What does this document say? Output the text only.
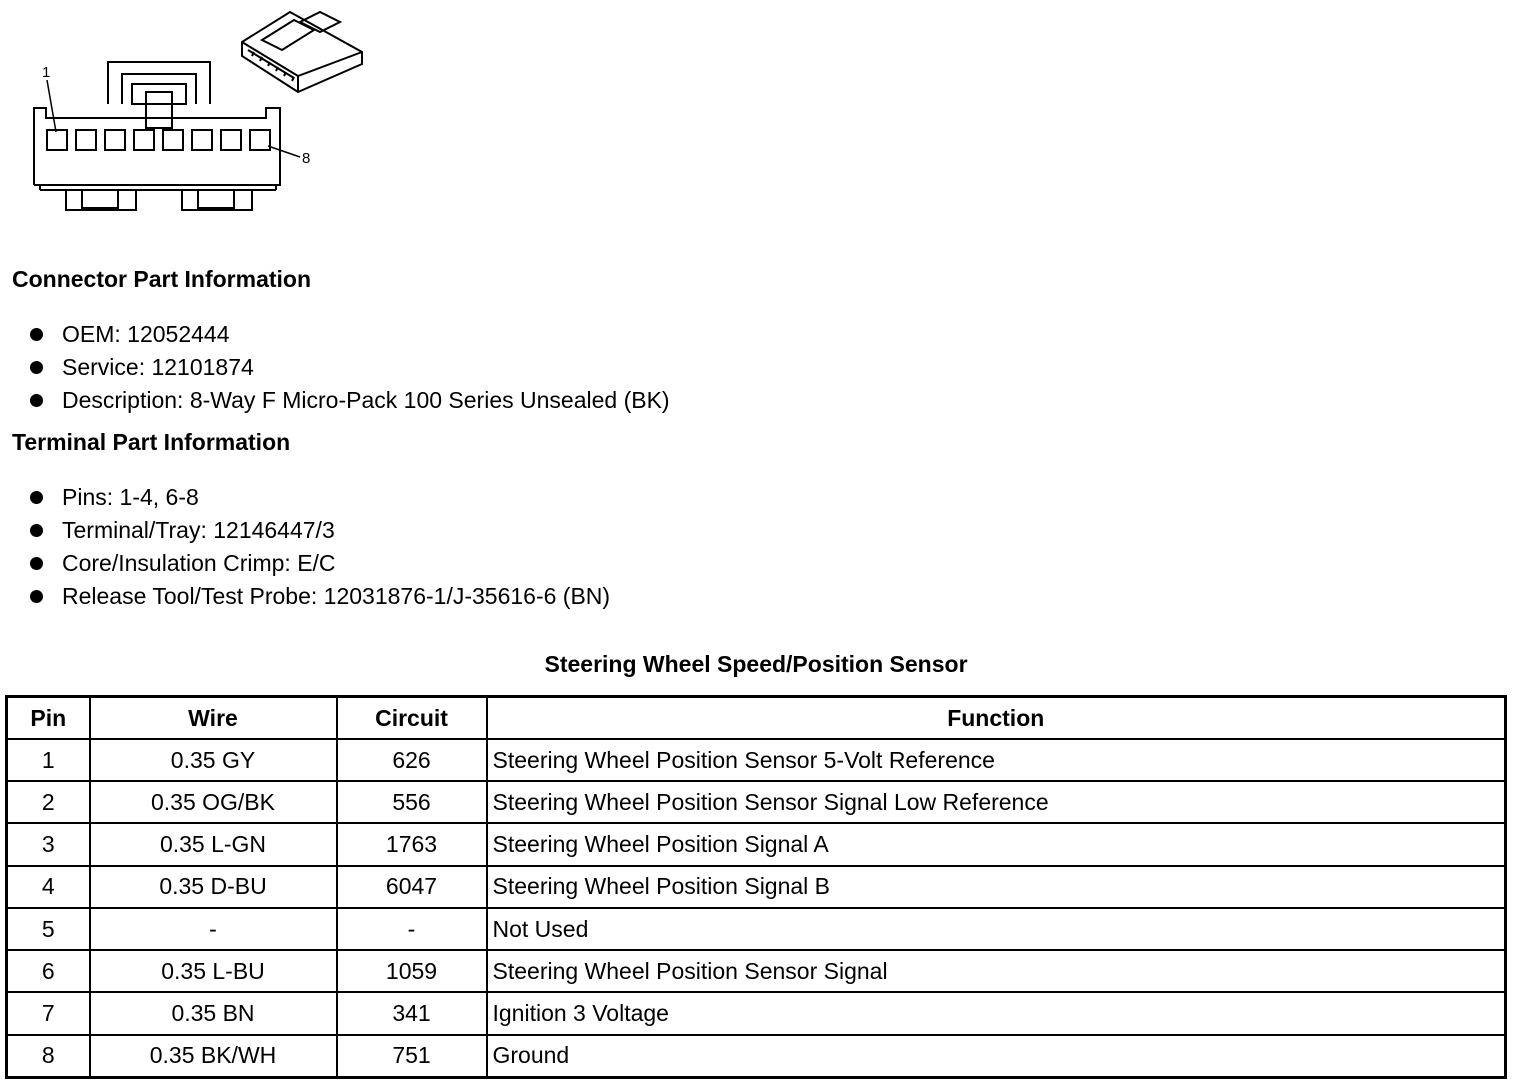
1
8
Connector Part Information
OEM: 12052444
Service: 12101874
Description: 8-Way F Micro-Pack 100 Series Unsealed (BK)
Terminal Part Information
Pins: 1-4, 6-8
Terminal/Tray: 12146447/3
Core/Insulation Crimp: E/C
Release Tool/Test Probe: 12031876-1/J-35616-6 (BN)
Steering Wheel Speed/Position Sensor
Pin	Wire	Circuit	Function
1	0.35 GY	626	Steering Wheel Position Sensor 5-Volt Reference
2	0.35 OG/BK	556	Steering Wheel Position Sensor Signal Low Reference
3	0.35 L-GN	1763	Steering Wheel Position Signal A
4	0.35 D-BU	6047	Steering Wheel Position Signal B
5	-	-	Not Used
6	0.35 L-BU	1059	Steering Wheel Position Sensor Signal
7	0.35 BN	341	Ignition 3 Voltage
8	0.35 BK/WH	751	Ground
